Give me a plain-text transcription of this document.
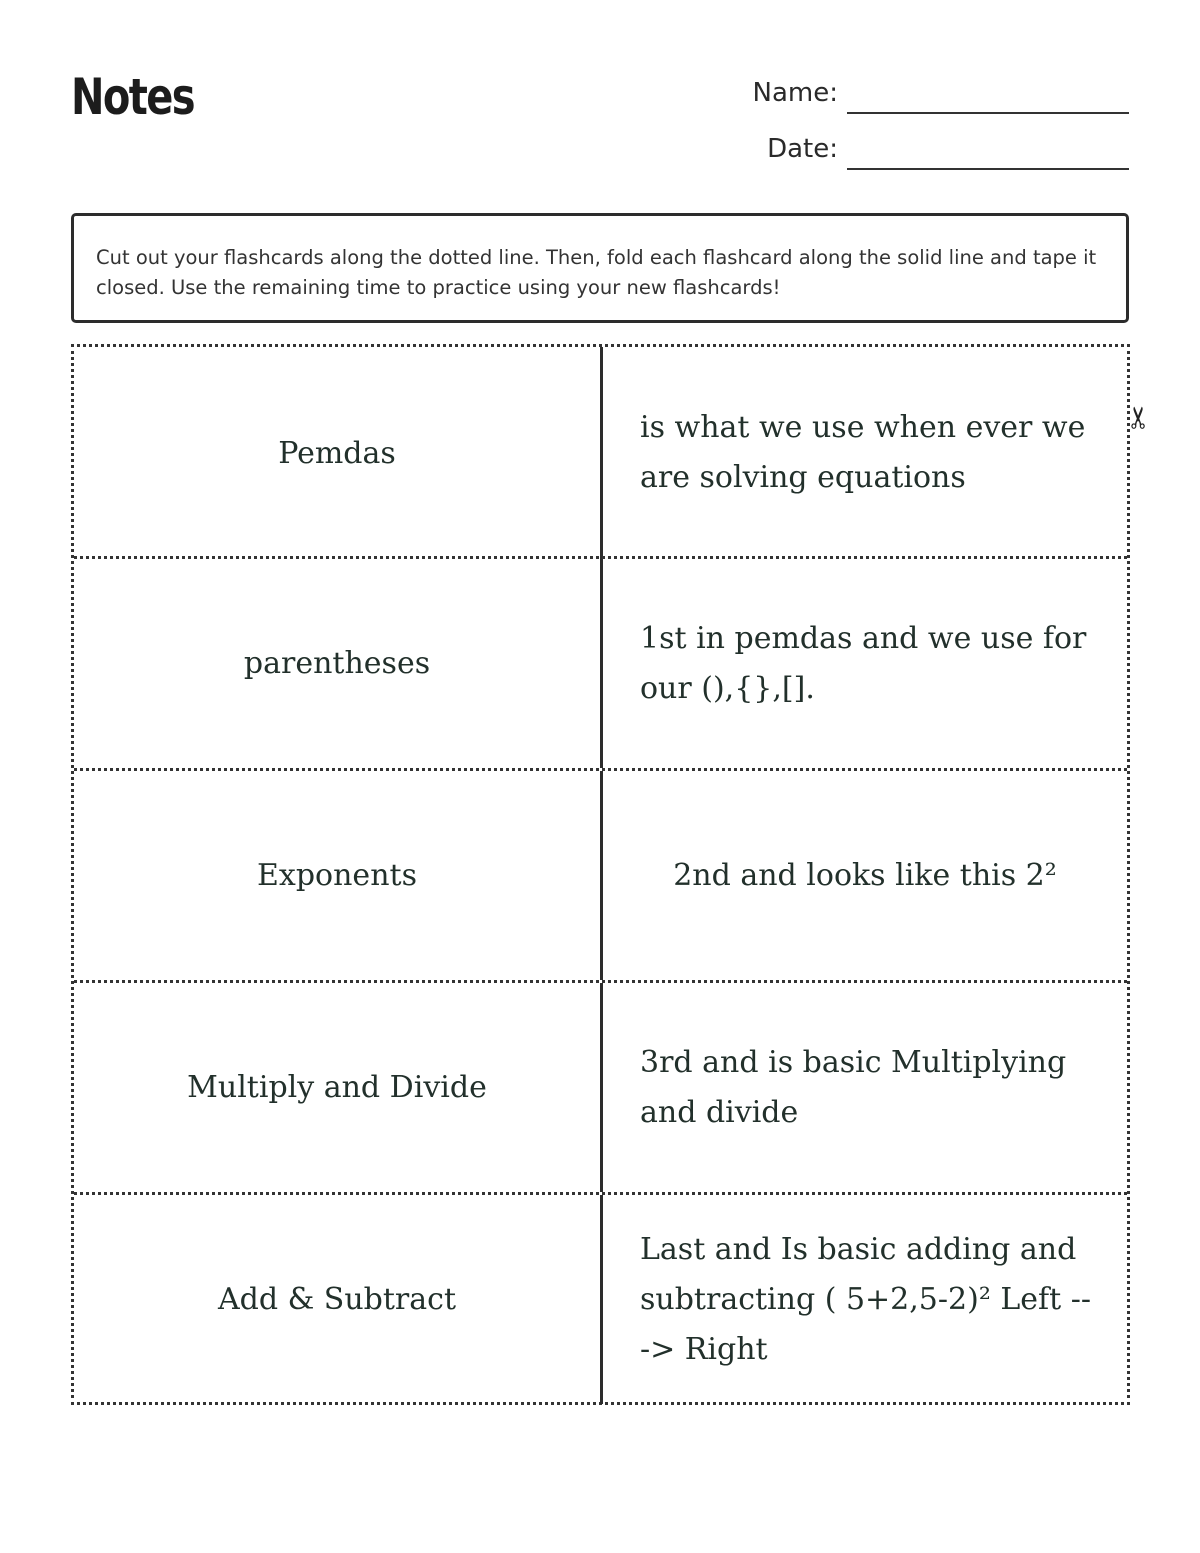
Notes	Name:
Date:
Cut out your flashcards along the dotted line. Then, fold each flashcard along the solid line and tape it closed. Use the remaining time to practice using your new flashcards!
Pemdas
is what we use when ever we are solving equations
parentheses
1st in pemdas and we use for our (),{},[].
Exponents	2nd and looks like this 2²
Multiply and Divide
3rd and is basic Multiplying and divide
Add & Subtract
Last and Is basic adding and subtracting ( 5+2,5-2)² Left ---> Right
✂
